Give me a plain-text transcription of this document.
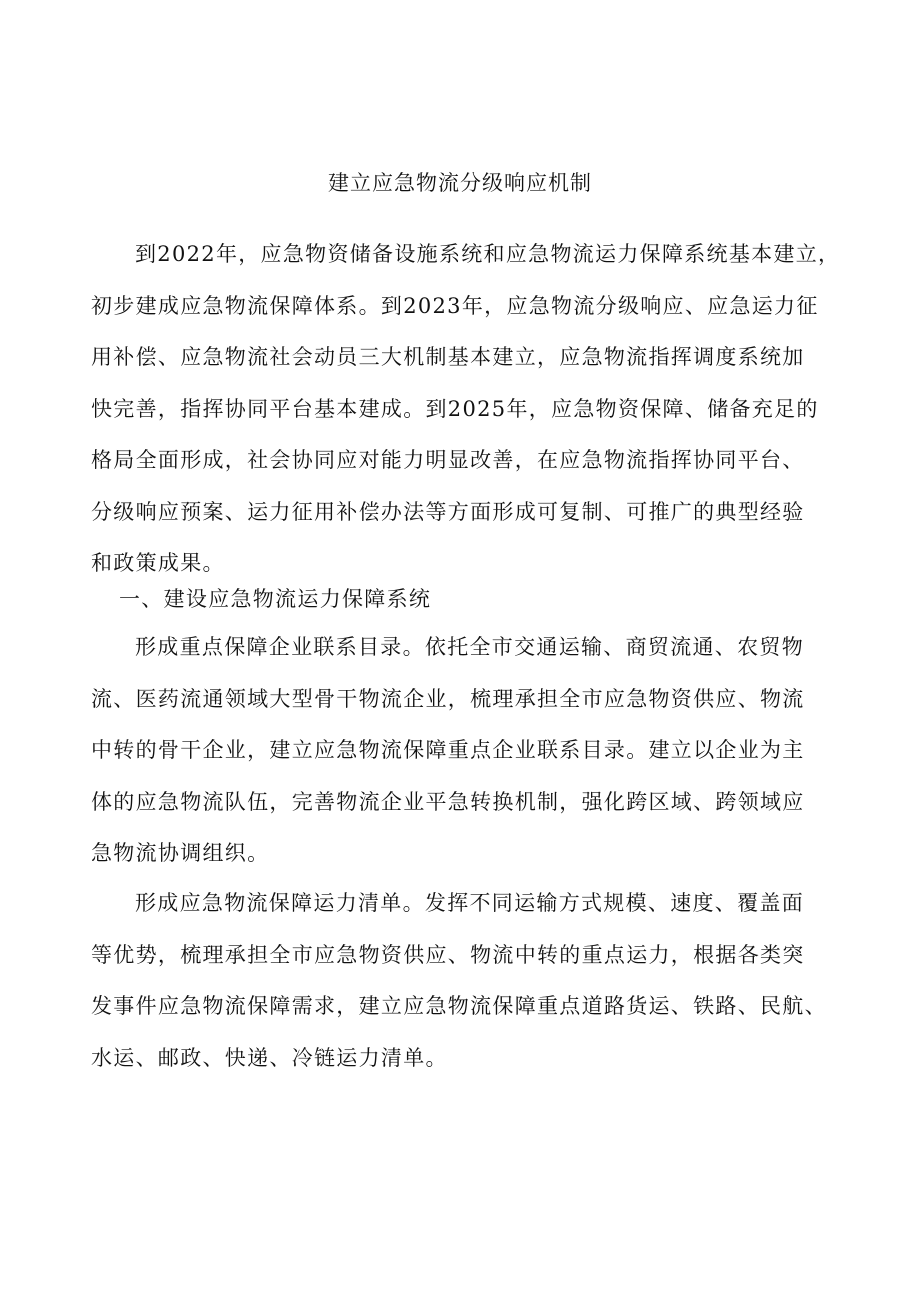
建立应急物流分级响应机制
到2022年，应急物资储备设施系统和应急物流运力保障系统基本建立，
初步建成应急物流保障体系。到2023年，应急物流分级响应、应急运力征
用补偿、应急物流社会动员三大机制基本建立，应急物流指挥调度系统加
快完善，指挥协同平台基本建成。到2025年，应急物资保障、储备充足的
格局全面形成，社会协同应对能力明显改善，在应急物流指挥协同平台、
分级响应预案、运力征用补偿办法等方面形成可复制、可推广的典型经验
和政策成果。
一、建设应急物流运力保障系统
形成重点保障企业联系目录。依托全市交通运输、商贸流通、农贸物
流、医药流通领域大型骨干物流企业，梳理承担全市应急物资供应、物流
中转的骨干企业，建立应急物流保障重点企业联系目录。建立以企业为主
体的应急物流队伍，完善物流企业平急转换机制，强化跨区域、跨领域应
急物流协调组织。
形成应急物流保障运力清单。发挥不同运输方式规模、速度、覆盖面
等优势，梳理承担全市应急物资供应、物流中转的重点运力，根据各类突
发事件应急物流保障需求，建立应急物流保障重点道路货运、铁路、民航、
水运、邮政、快递、冷链运力清单。
